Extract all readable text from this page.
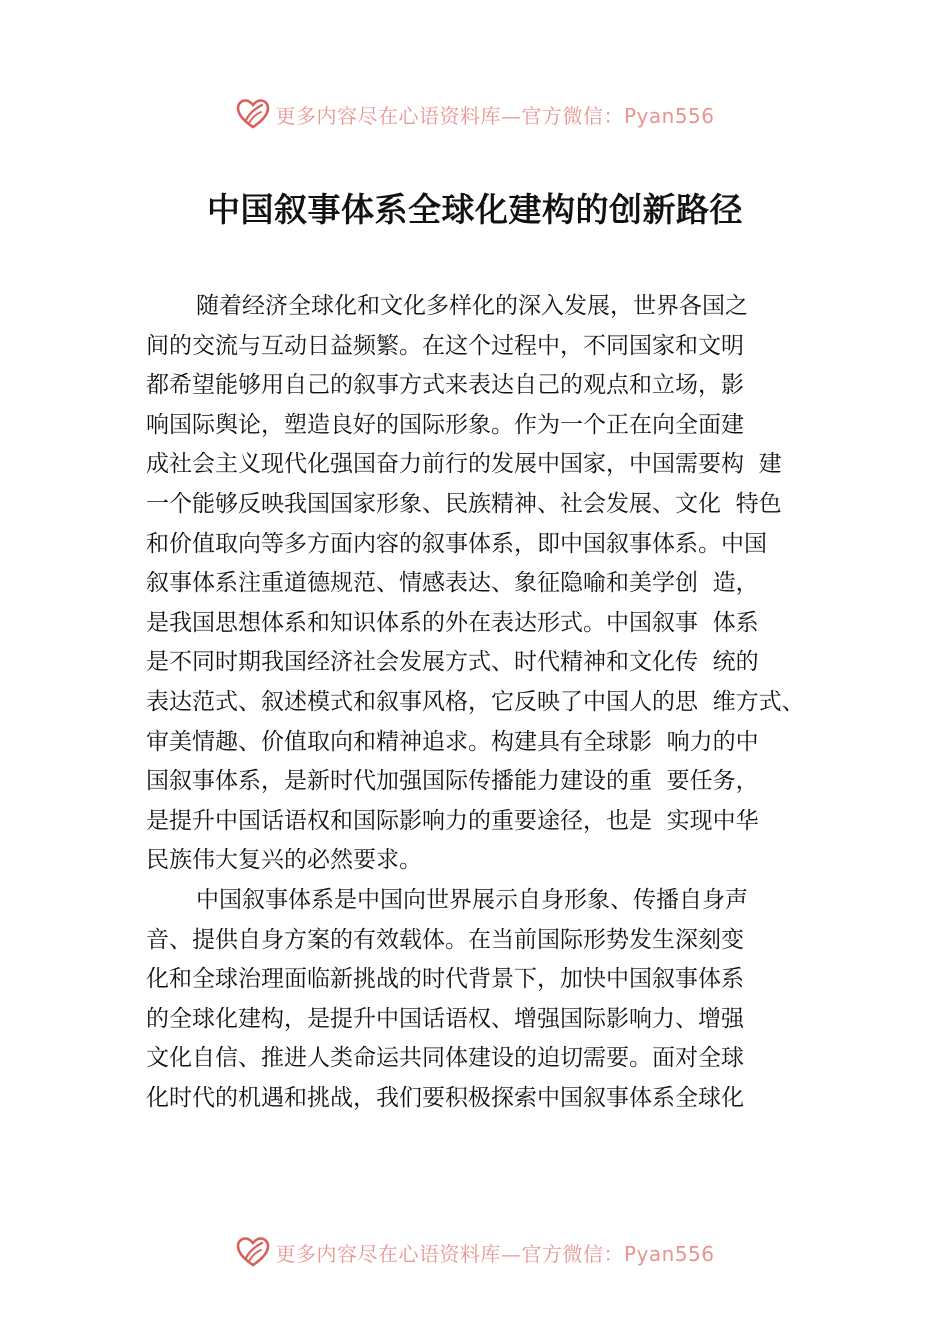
更多内容尽在心语资料库—官方微信：Pyan556
中国叙事体系全球化建构的创新路径
随着经济全球化和文化多样化的深入发展，世界各国之
间的交流与互动日益频繁。在这个过程中，不同国家和文明
都希望能够用自己的叙事方式来表达自己的观点和立场，影
响国际舆论，塑造良好的国际形象。作为一个正在向全面建
成社会主义现代化强国奋力前行的发展中国家，中国需要构  建
一个能够反映我国国家形象、民族精神、社会发展、文化  特色
和价值取向等多方面内容的叙事体系，即中国叙事体系。中国
叙事体系注重道德规范、情感表达、象征隐喻和美学创  造，
是我国思想体系和知识体系的外在表达形式。中国叙事  体系
是不同时期我国经济社会发展方式、时代精神和文化传  统的
表达范式、叙述模式和叙事风格，它反映了中国人的思  维方式、
审美情趣、价值取向和精神追求。构建具有全球影  响力的中
国叙事体系，是新时代加强国际传播能力建设的重  要任务，
是提升中国话语权和国际影响力的重要途径，也是  实现中华
民族伟大复兴的必然要求。
中国叙事体系是中国向世界展示自身形象、传播自身声
音、提供自身方案的有效载体。在当前国际形势发生深刻变
化和全球治理面临新挑战的时代背景下，加快中国叙事体系
的全球化建构，是提升中国话语权、增强国际影响力、增强
文化自信、推进人类命运共同体建设的迫切需要。面对全球
化时代的机遇和挑战，我们要积极探索中国叙事体系全球化
更多内容尽在心语资料库—官方微信：Pyan556
